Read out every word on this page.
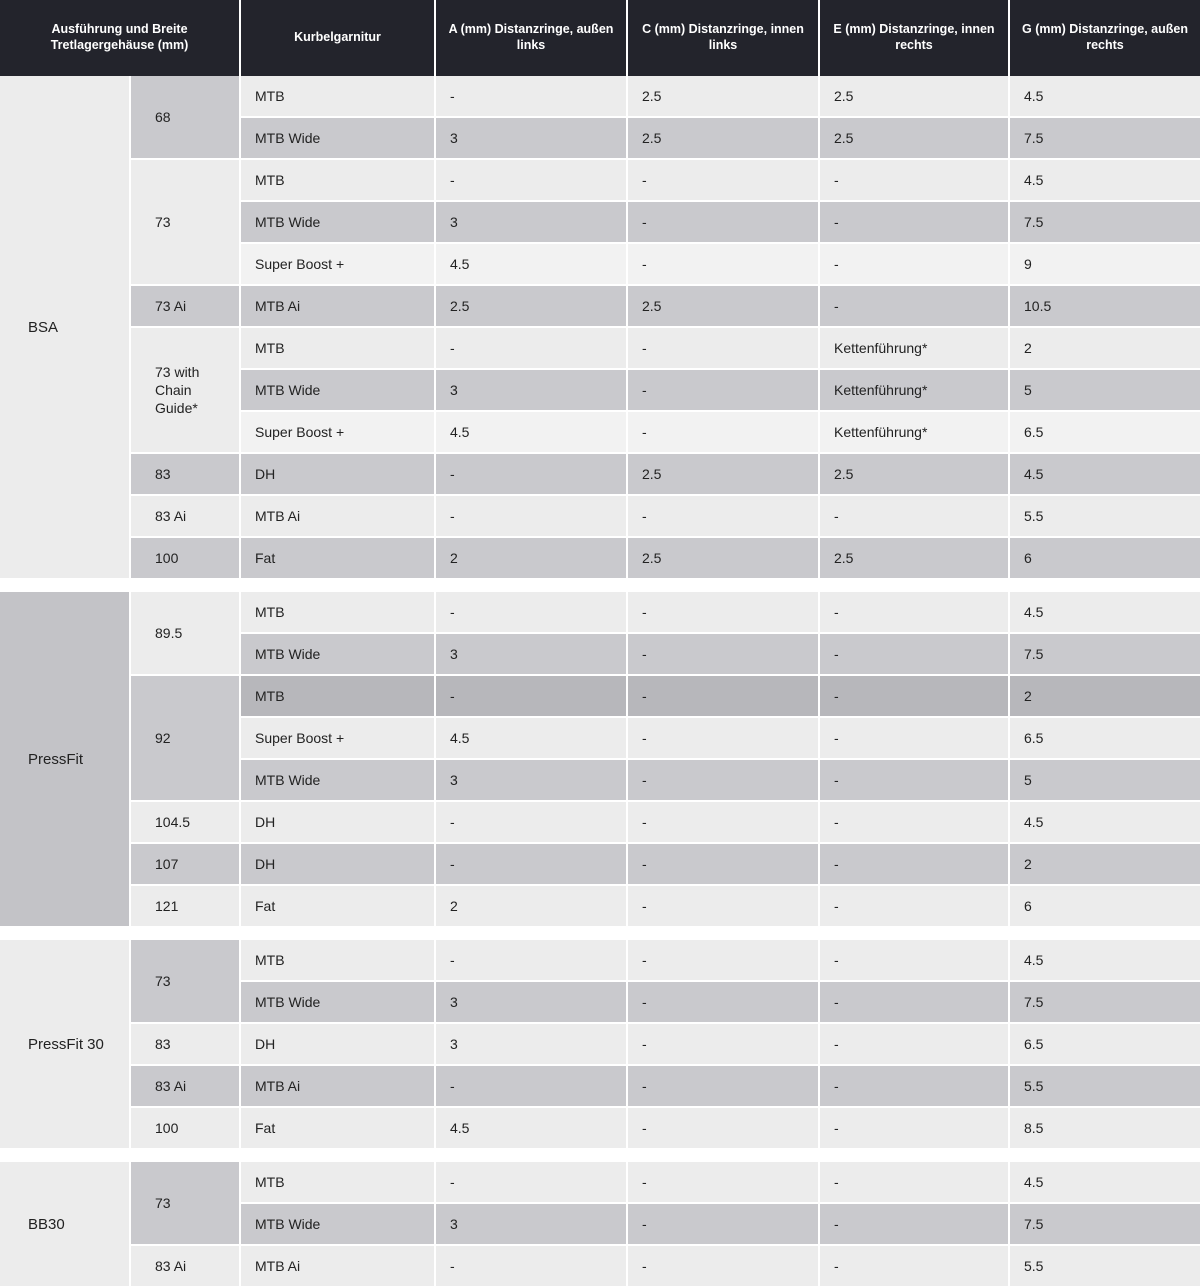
Ausführung und Breite Tretlagergehäuse (mm)		Kurbelgarnitur	A (mm) Distanzringe, außen links	C (mm) Distanzringe, innen links	E (mm) Distanzringe, innen rechts	G (mm) Distanzringe, außen rechts
BSA	68	MTB	-	2.5	2.5	4.5
		MTB Wide	3	2.5	2.5	7.5
	73	MTB	-	-	-	4.5
		MTB Wide	3	-	-	7.5
		Super Boost +	4.5	-	-	9
	73 Ai	MTB Ai	2.5	2.5	-	10.5
	73 with Chain Guide*	MTB	-	-	Kettenführung*	2
		MTB Wide	3	-	Kettenführung*	5
		Super Boost +	4.5	-	Kettenführung*	6.5
	83	DH	-	2.5	2.5	4.5
	83 Ai	MTB Ai	-	-	-	5.5
	100	Fat	2	2.5	2.5	6

PressFit	89.5	MTB	-	-	-	4.5
		MTB Wide	3	-	-	7.5
	92	MTB	-	-	-	2
		Super Boost +	4.5	-	-	6.5
		MTB Wide	3	-	-	5
	104.5	DH	-	-	-	4.5
	107	DH	-	-	-	2
	121	Fat	2	-	-	6

PressFit 30	73	MTB	-	-	-	4.5
		MTB Wide	3	-	-	7.5
	83	DH	3	-	-	6.5
	83 Ai	MTB Ai	-	-	-	5.5
	100	Fat	4.5	-	-	8.5

BB30	73	MTB	-	-	-	4.5
		MTB Wide	3	-	-	7.5
	83 Ai	MTB Ai	-	-	-	5.5
